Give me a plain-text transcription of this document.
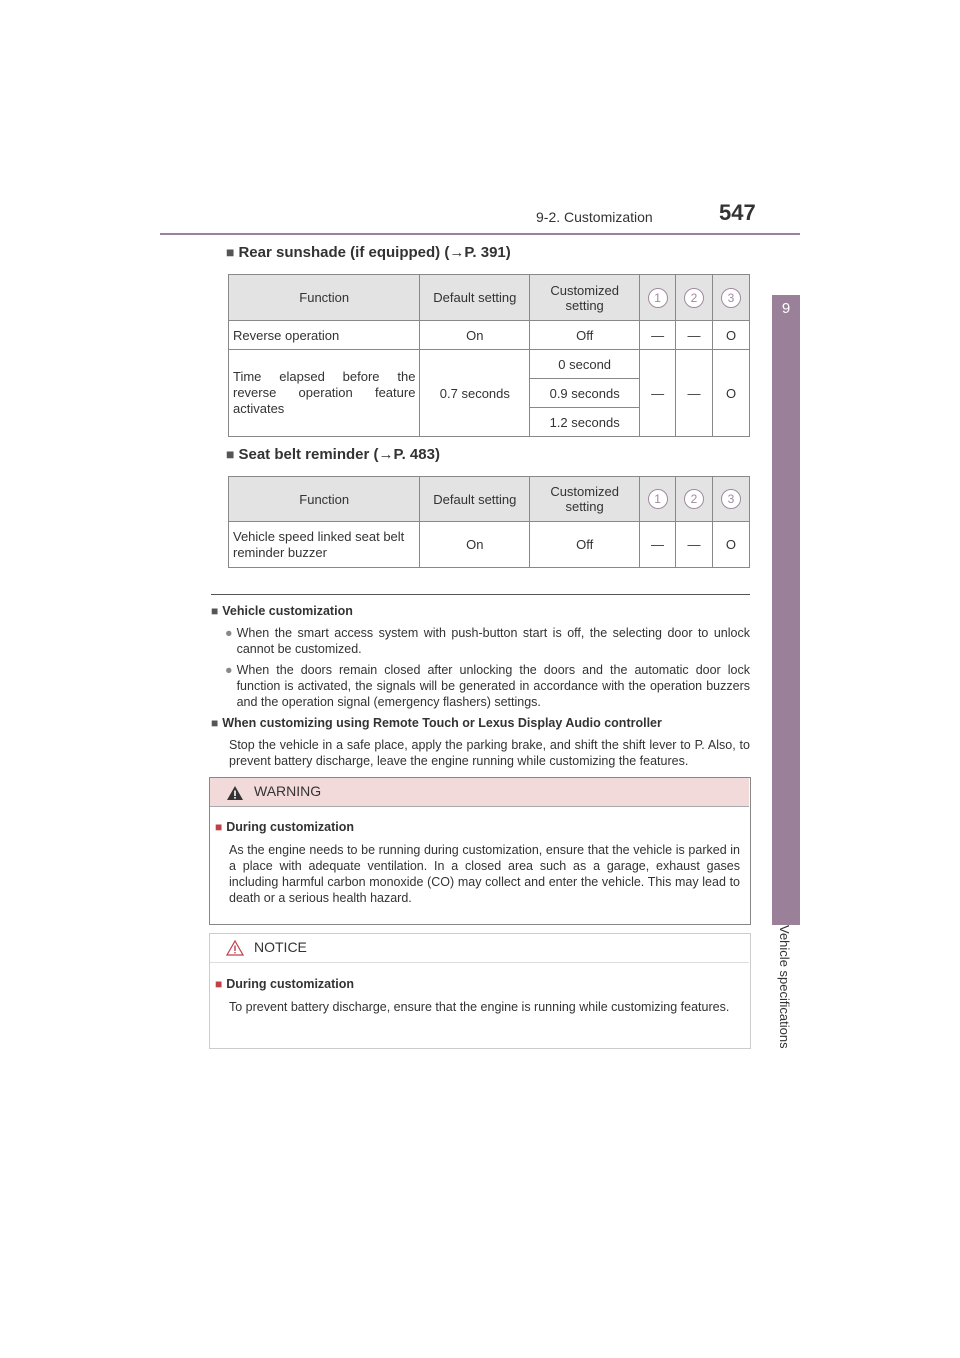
9-2. Customization	547
9
Vehicle specifications
■ Rear sunshade (if equipped) (→P. 391)
Function	Default setting	Customized setting	1	2	3
Reverse operation	On	Off	—	—	O
Time elapsed before the reverse operation feature activates	0.7 seconds	0 second	—	—	O
		0.9 seconds			
		1.2 seconds			
■ Seat belt reminder (→P. 483)
Function	Default setting	Customized setting	1	2	3
Vehicle speed linked seat belt reminder buzzer	On	Off	—	—	O
■ Vehicle customization
● When the smart access system with push-button start is off, the selecting door to unlock cannot be customized.
● When the doors remain closed after unlocking the doors and the automatic door lock function is activated, the signals will be generated in accordance with the operation buzzers and the operation signal (emergency flashers) settings.
■ When customizing using Remote Touch or Lexus Display Audio controller
Stop the vehicle in a safe place, apply the parking brake, and shift the shift lever to P. Also, to prevent battery discharge, leave the engine running while customizing the features.
WARNING
■ During customization
As the engine needs to be running during customization, ensure that the vehicle is parked in a place with adequate ventilation. In a closed area such as a garage, exhaust gases including harmful carbon monoxide (CO) may collect and enter the vehicle. This may lead to death or a serious health hazard.
NOTICE
■ During customization
To prevent battery discharge, ensure that the engine is running while customizing features.
